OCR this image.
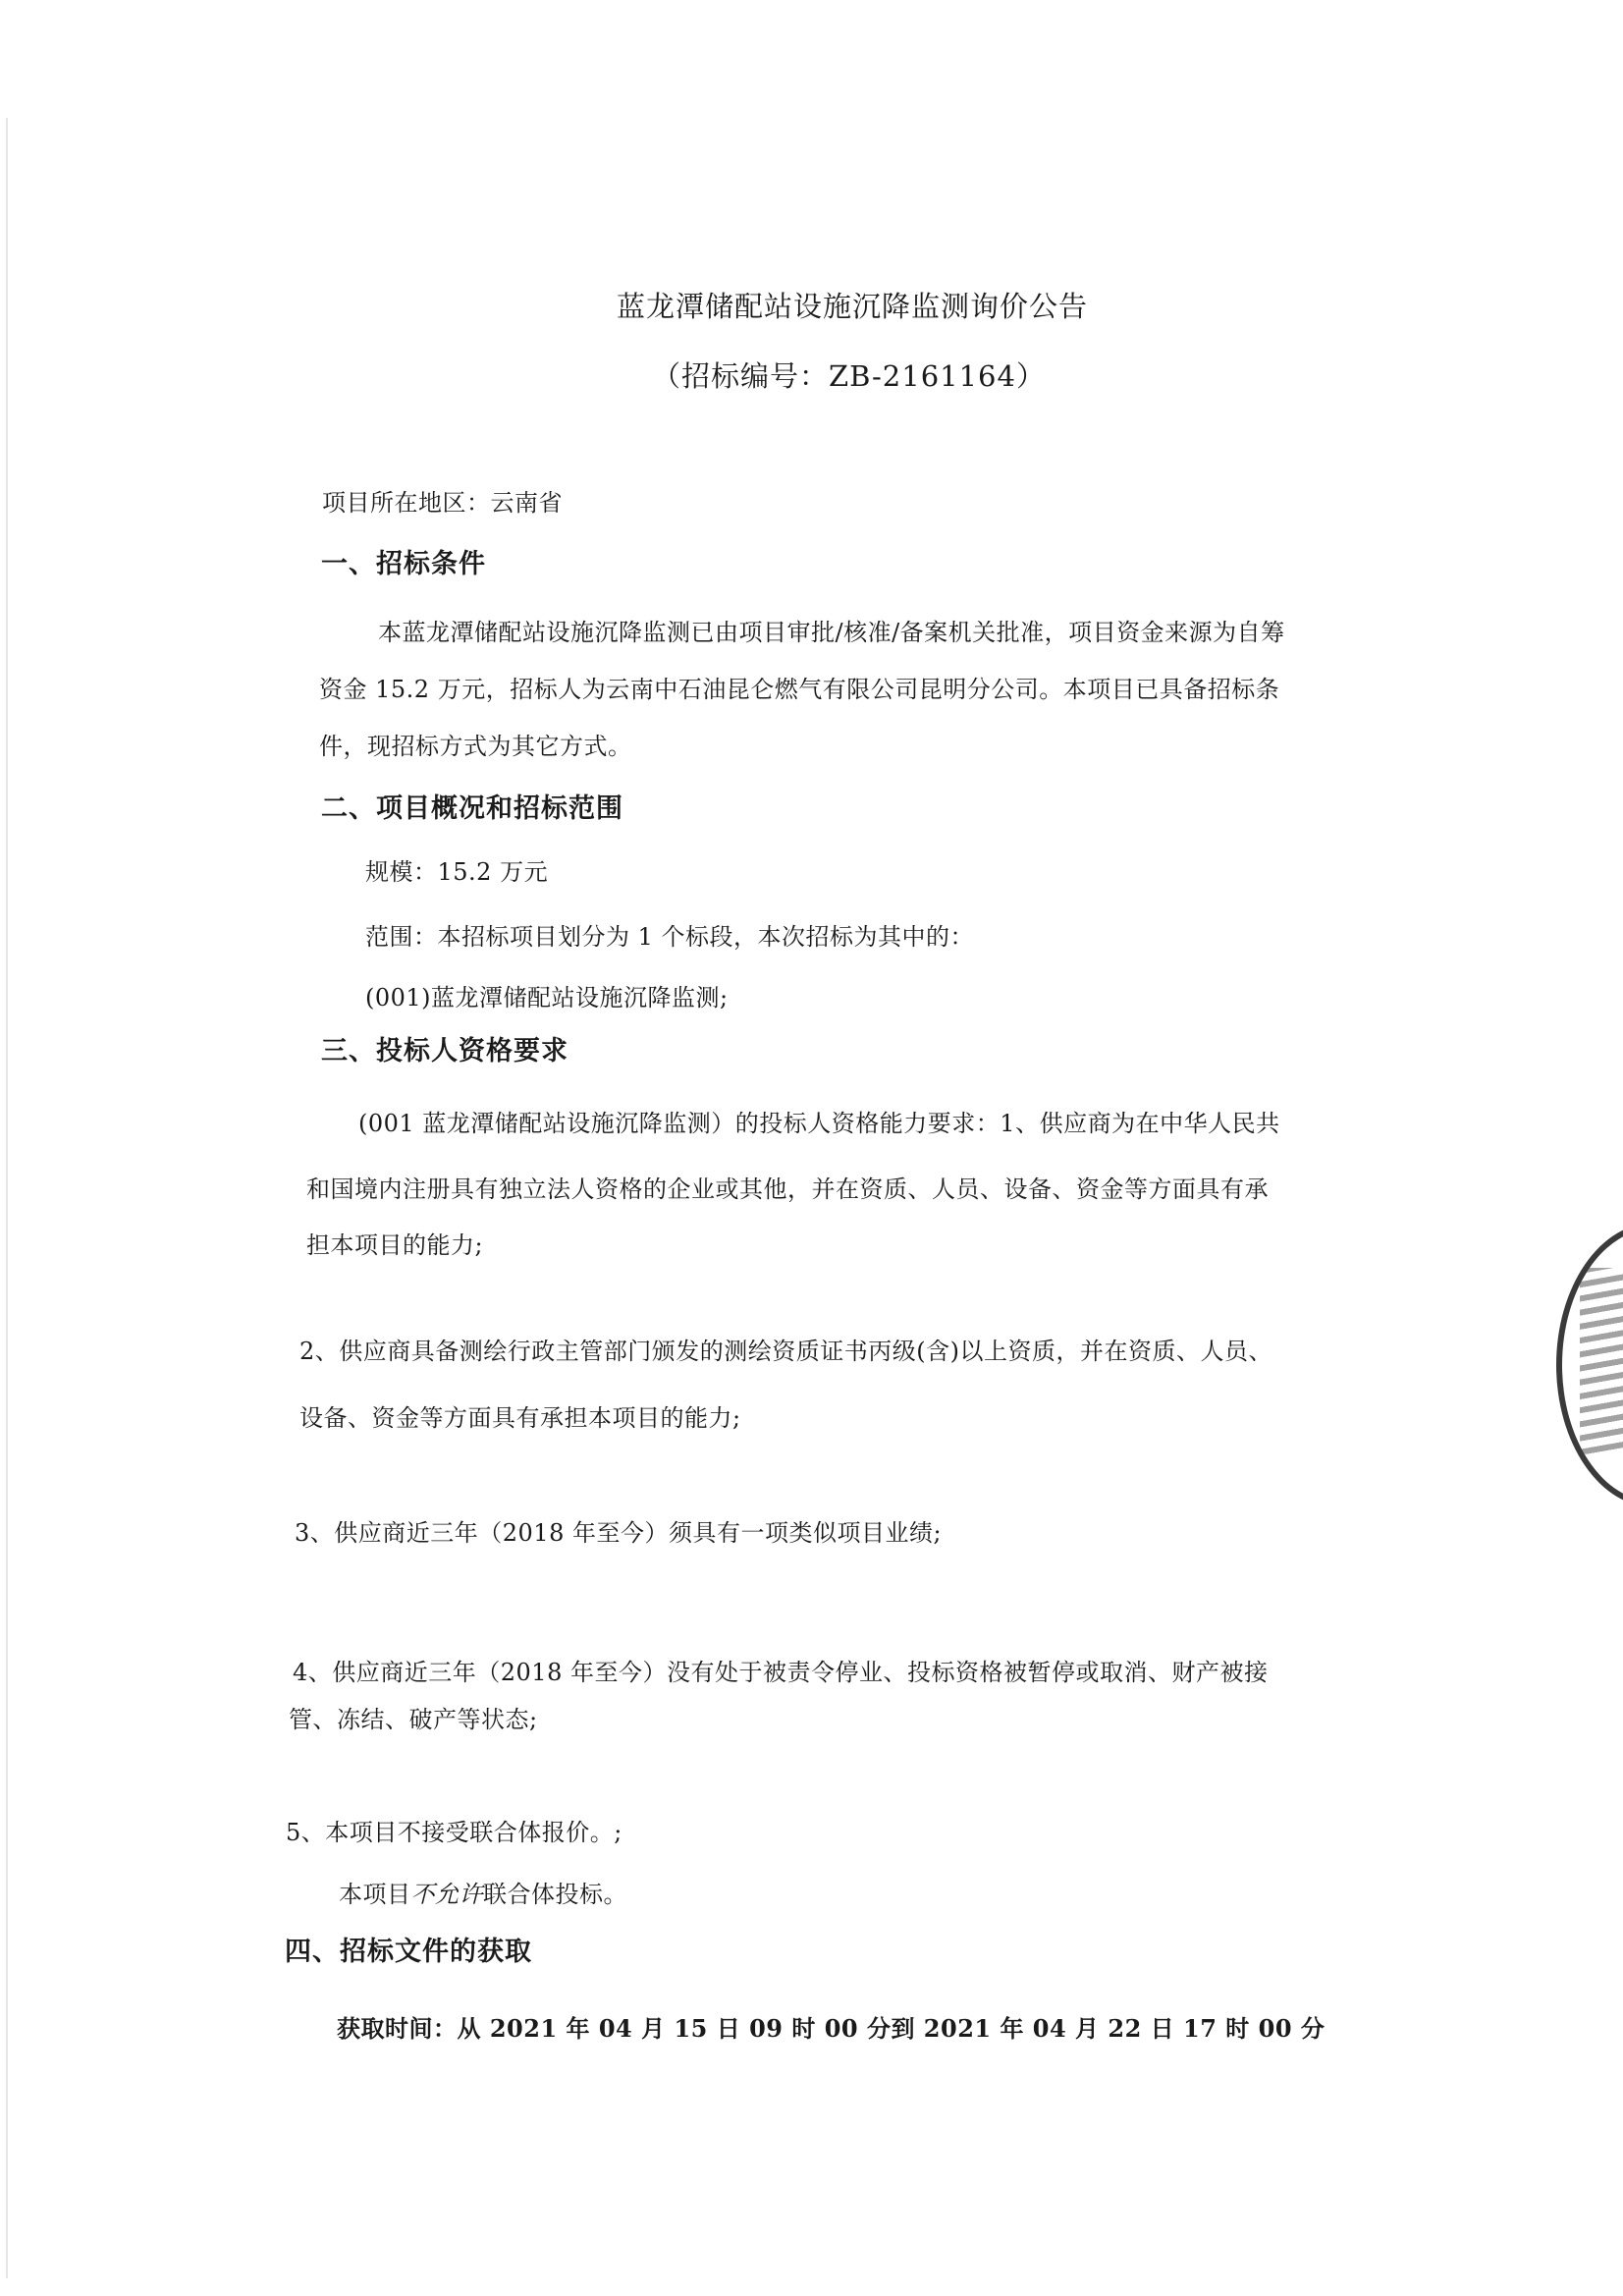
蓝龙潭储配站设施沉降监测询价公告
（招标编号：ZB-2161164）
项目所在地区：云南省
一、招标条件
本蓝龙潭储配站设施沉降监测已由项目审批/核准/备案机关批准，项目资金来源为自筹
资金 15.2 万元，招标人为云南中石油昆仑燃气有限公司昆明分公司。本项目已具备招标条
件，现招标方式为其它方式。
二、项目概况和招标范围
规模：15.2 万元
范围：本招标项目划分为 1 个标段，本次招标为其中的：
(001)蓝龙潭储配站设施沉降监测;
三、投标人资格要求
(001 蓝龙潭储配站设施沉降监测）的投标人资格能力要求：1、供应商为在中华人民共
和国境内注册具有独立法人资格的企业或其他，并在资质、人员、设备、资金等方面具有承
担本项目的能力;
2、供应商具备测绘行政主管部门颁发的测绘资质证书丙级(含)以上资质，并在资质、人员、
设备、资金等方面具有承担本项目的能力;
3、供应商近三年（2018 年至今）须具有一项类似项目业绩;
4、供应商近三年（2018 年至今）没有处于被责令停业、投标资格被暂停或取消、财产被接
管、冻结、破产等状态;
5、本项目不接受联合体报价。;
本项目不允许联合体投标。
四、招标文件的获取
获取时间：从 2021 年 04 月 15 日 09 时 00 分到 2021 年 04 月 22 日 17 时 00 分
